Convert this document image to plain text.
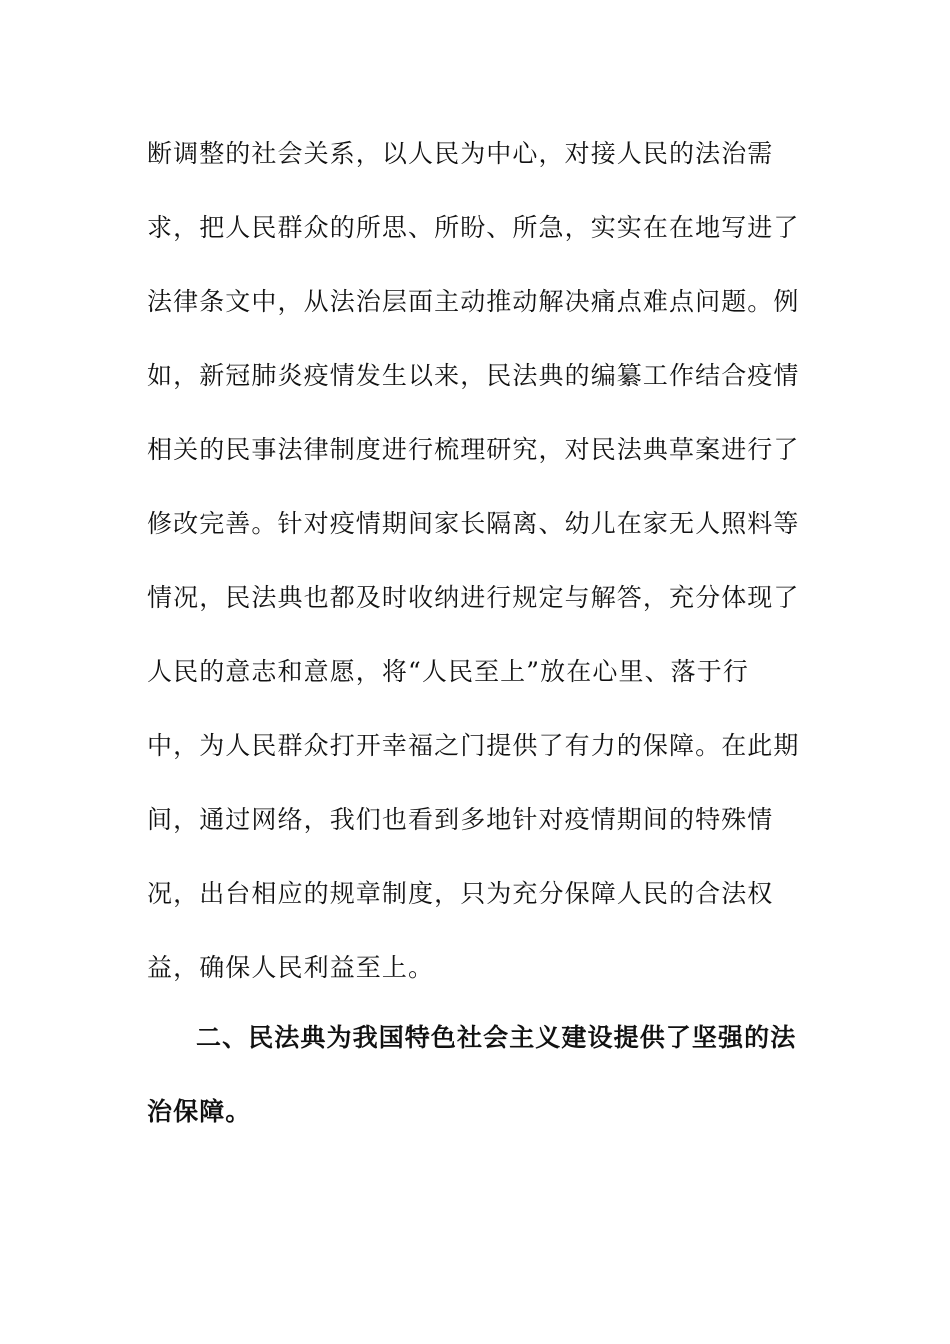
断调整的社会关系，以人民为中心，对接人民的法治需
求，把人民群众的所思、所盼、所急，实实在在地写进了
法律条文中，从法治层面主动推动解决痛点难点问题。例
如，新冠肺炎疫情发生以来，民法典的编纂工作结合疫情
相关的民事法律制度进行梳理研究，对民法典草案进行了
修改完善。针对疫情期间家长隔离、幼儿在家无人照料等
情况，民法典也都及时收纳进行规定与解答，充分体现了
人民的意志和意愿，将“人民至上”放在心里、落于行
中，为人民群众打开幸福之门提供了有力的保障。在此期
间，通过网络，我们也看到多地针对疫情期间的特殊情
况，出台相应的规章制度，只为充分保障人民的合法权
益，确保人民利益至上。
二、民法典为我国特色社会主义建设提供了坚强的法
治保障。
